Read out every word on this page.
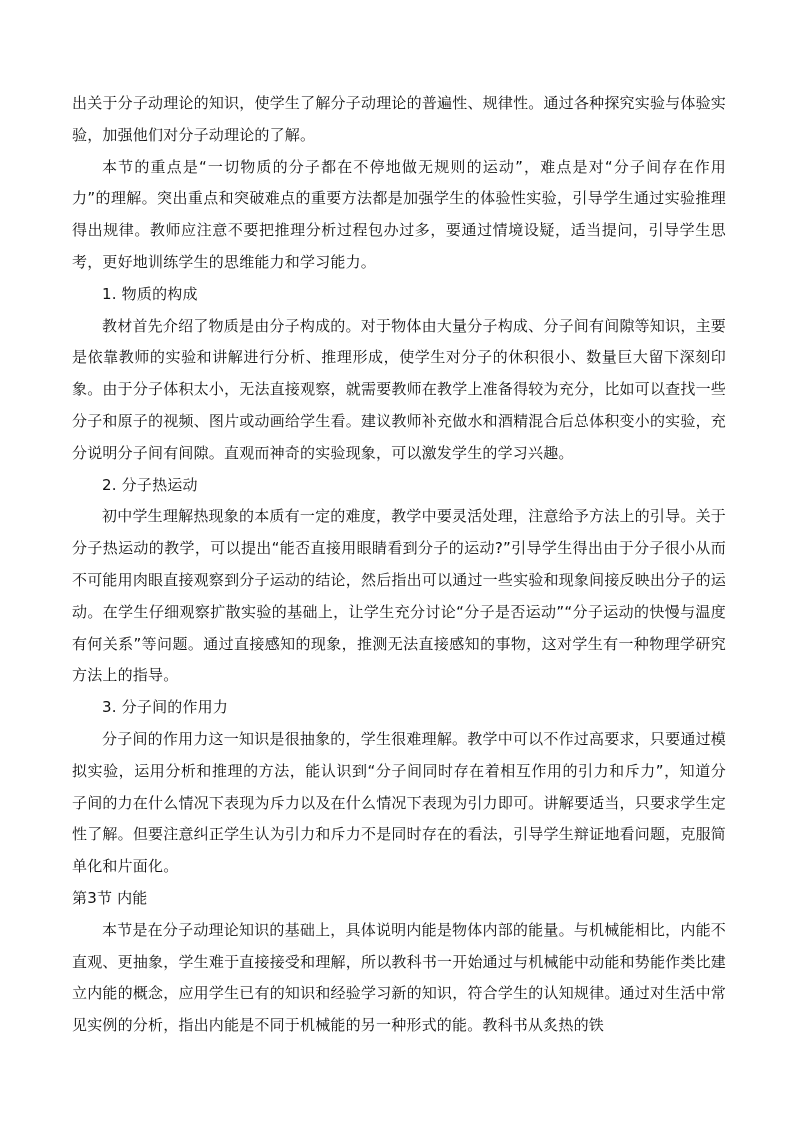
出关于分子动理论的知识，使学生了解分子动理论的普遍性、规律性。通过各种探究实验与体验实验，加强他们对分子动理论的了解。

本节的重点是“一切物质的分子都在不停地做无规则的运动”，难点是对“分子间存在作用力”的理解。突出重点和突破难点的重要方法都是加强学生的体验性实验，引导学生通过实验推理得出规律。教师应注意不要把推理分析过程包办过多，要通过情境设疑，适当提问，引导学生思考，更好地训练学生的思维能力和学习能力。

1. 物质的构成

教材首先介绍了物质是由分子构成的。对于物体由大量分子构成、分子间有间隙等知识，主要是依靠教师的实验和讲解进行分析、推理形成，使学生对分子的休积很小、数量巨大留下深刻印象。由于分子体积太小，无法直接观察，就需要教师在教学上准备得较为充分，比如可以查找一些分子和原子的视频、图片或动画给学生看。建议教师补充做水和酒精混合后总体积变小的实验，充分说明分子间有间隙。直观而神奇的实验现象，可以激发学生的学习兴趣。

2. 分子热运动

初中学生理解热现象的本质有一定的难度，教学中要灵活处理，注意给予方法上的引导。关于分子热运动的教学，可以提出“能否直接用眼睛看到分子的运动?”引导学生得出由于分子很小从而不可能用肉眼直接观察到分子运动的结论，然后指出可以通过一些实验和现象间接反映出分子的运动。在学生仔细观察扩散实验的基础上，让学生充分讨论“分子是否运动”“分子运动的快慢与温度有何关系”等问题。通过直接感知的现象，推测无法直接感知的事物，这对学生有一种物理学研究方法上的指导。

3. 分子间的作用力

分子间的作用力这一知识是很抽象的，学生很难理解。教学中可以不作过高要求，只要通过模拟实验，运用分析和推理的方法，能认识到“分子间同时存在着相互作用的引力和斥力”，知道分子间的力在什么情况下表现为斥力以及在什么情况下表现为引力即可。讲解要适当，只要求学生定性了解。但要注意纠正学生认为引力和斥力不是同时存在的看法，引导学生辩证地看问题，克服简单化和片面化。

第3节 内能

本节是在分子动理论知识的基础上，具体说明内能是物体内部的能量。与机械能相比，内能不直观、更抽象，学生难于直接接受和理解，所以教科书一开始通过与机械能中动能和势能作类比建立内能的概念，应用学生已有的知识和经验学习新的知识，符合学生的认知规律。通过对生活中常见实例的分析，指出内能是不同于机械能的另一种形式的能。教科书从炙热的铁
